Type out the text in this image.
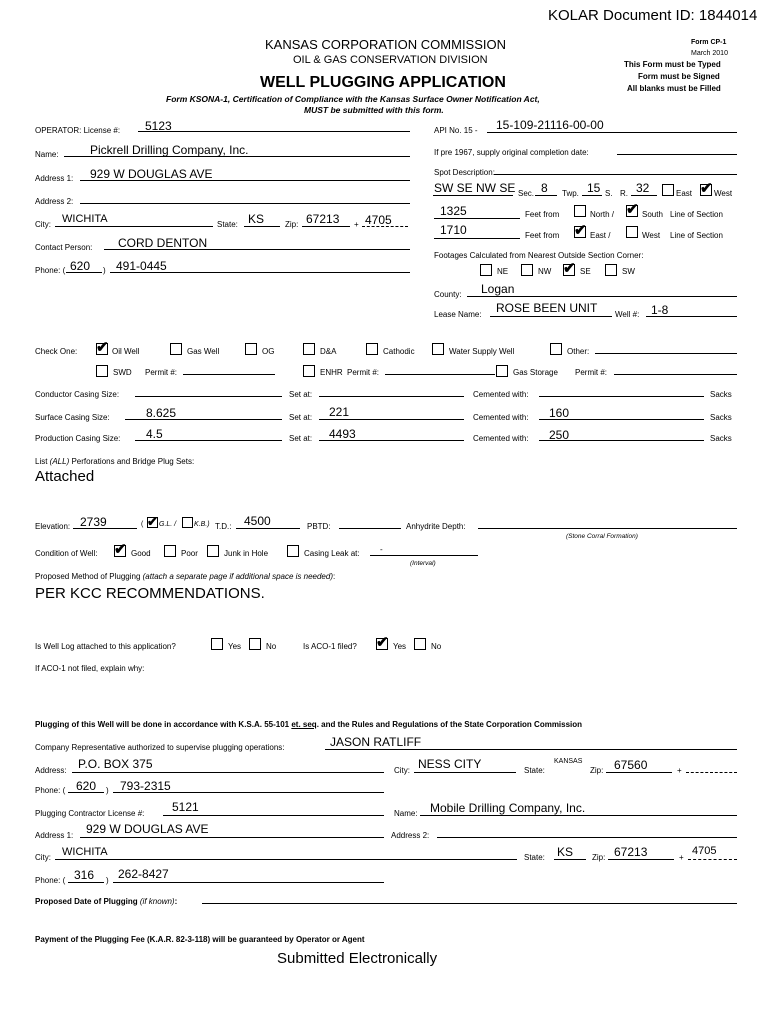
KOLAR Document ID: 1844014
KANSAS CORPORATION COMMISSION
OIL & GAS CONSERVATION DIVISION
WELL PLUGGING APPLICATION
Form KSONA-1, Certification of Compliance with the Kansas Surface Owner Notification Act,
MUST be submitted with this form.
Form CP-1
March 2010
This Form must be Typed
Form must be Signed
All blanks must be Filled
OPERATOR: License #: 5123
Name:	Pickrell Drilling Company, Inc.
Address 1: 929 W DOUGLAS AVE
Address 2:
City: WICHITA	State: KS	Zip: 67213 + 4705
Contact Person: CORD DENTON
Phone: ( 620 ) 491-0445
API No. 15 - 15-109-21116-00-00
If pre 1967, supply original completion date:
Spot Description:
SW SE NW SE Sec. 8 Twp. 15 S. R. 32	East ✔ West
1325	Feet from	North / ✔ South Line of Section
1710	Feet from ✔ East /	West Line of Section
Footages Calculated from Nearest Outside Section Corner:
NE	NW ✔ SE	SW
County: Logan
Lease Name: ROSE BEEN UNIT Well #: 1-8
Check One: ✔ Oil Well	Gas Well	OG	D&A	Cathodic	Water Supply Well	Other:
SWD Permit #:	ENHR Permit #:	Gas Storage Permit #:
Conductor Casing Size:	Set at:	Cemented with:	Sacks
Surface Casing Size:	8.625	Set at: 221	Cemented with: 160	Sacks
Production Casing Size: 4.5	Set at: 4493	Cemented with: 250	Sacks
List (ALL) Perforations and Bridge Plug Sets:
Attached
Elevation: 2739	( ✔ G.L. /	K.B.) T.D.: 4500	PBTD:	Anhydrite Depth:
(Stone Corral Formation)
Condition of Well: ✔ Good	Poor	Junk in Hole	Casing Leak at:	-
(Interval)
Proposed Method of Plugging (attach a separate page if additional space is needed):
PER KCC RECOMMENDATIONS.
Is Well Log attached to this application?	Yes	No	Is ACO-1 filed? ✔ Yes	No
If ACO-1 not filed, explain why:
Plugging of this Well will be done in accordance with K.S.A. 55-101 et. seq. and the Rules and Regulations of the State Corporation Commission
Company Representative authorized to supervise plugging operations:	JASON RATLIFF
Address: P.O. BOX 375	City: NESS CITY	State:
KANSAS
Zip: 67560	+
Phone: ( 620 ) 793-2315
Plugging Contractor License #: 5121	Name: Mobile Drilling Company, Inc.
Address 1: 929 W DOUGLAS AVE	Address 2:
City: WICHITA	State: KS Zip: 67213	+
4705
Phone: ( 316 ) 262-8427
Proposed Date of Plugging (if known):
Payment of the Plugging Fee (K.A.R. 82-3-118) will be guaranteed by Operator or Agent
Submitted Electronically
